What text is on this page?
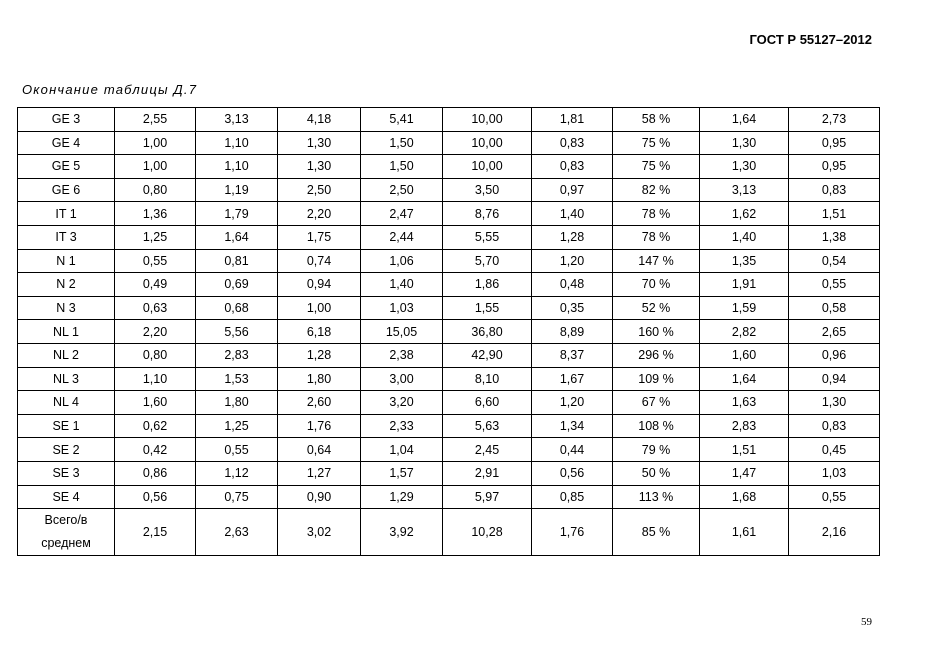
ГОСТ Р 55127–2012
Окончание таблицы Д.7
GE 3	2,55	3,13	4,18	5,41	10,00	1,81	58 %	1,64	2,73
GE 4	1,00	1,10	1,30	1,50	10,00	0,83	75 %	1,30	0,95
GE 5	1,00	1,10	1,30	1,50	10,00	0,83	75 %	1,30	0,95
GE 6	0,80	1,19	2,50	2,50	3,50	0,97	82 %	3,13	0,83
IT 1	1,36	1,79	2,20	2,47	8,76	1,40	78 %	1,62	1,51
IT 3	1,25	1,64	1,75	2,44	5,55	1,28	78 %	1,40	1,38
N 1	0,55	0,81	0,74	1,06	5,70	1,20	147 %	1,35	0,54
N 2	0,49	0,69	0,94	1,40	1,86	0,48	70 %	1,91	0,55
N 3	0,63	0,68	1,00	1,03	1,55	0,35	52 %	1,59	0,58
NL 1	2,20	5,56	6,18	15,05	36,80	8,89	160 %	2,82	2,65
NL 2	0,80	2,83	1,28	2,38	42,90	8,37	296 %	1,60	0,96
NL 3	1,10	1,53	1,80	3,00	8,10	1,67	109 %	1,64	0,94
NL 4	1,60	1,80	2,60	3,20	6,60	1,20	67 %	1,63	1,30
SE 1	0,62	1,25	1,76	2,33	5,63	1,34	108 %	2,83	0,83
SE 2	0,42	0,55	0,64	1,04	2,45	0,44	79 %	1,51	0,45
SE 3	0,86	1,12	1,27	1,57	2,91	0,56	50 %	1,47	1,03
SE 4	0,56	0,75	0,90	1,29	5,97	0,85	113 %	1,68	0,55
Всего/в
среднем	2,15	2,63	3,02	3,92	10,28	1,76	85 %	1,61	2,16
59
